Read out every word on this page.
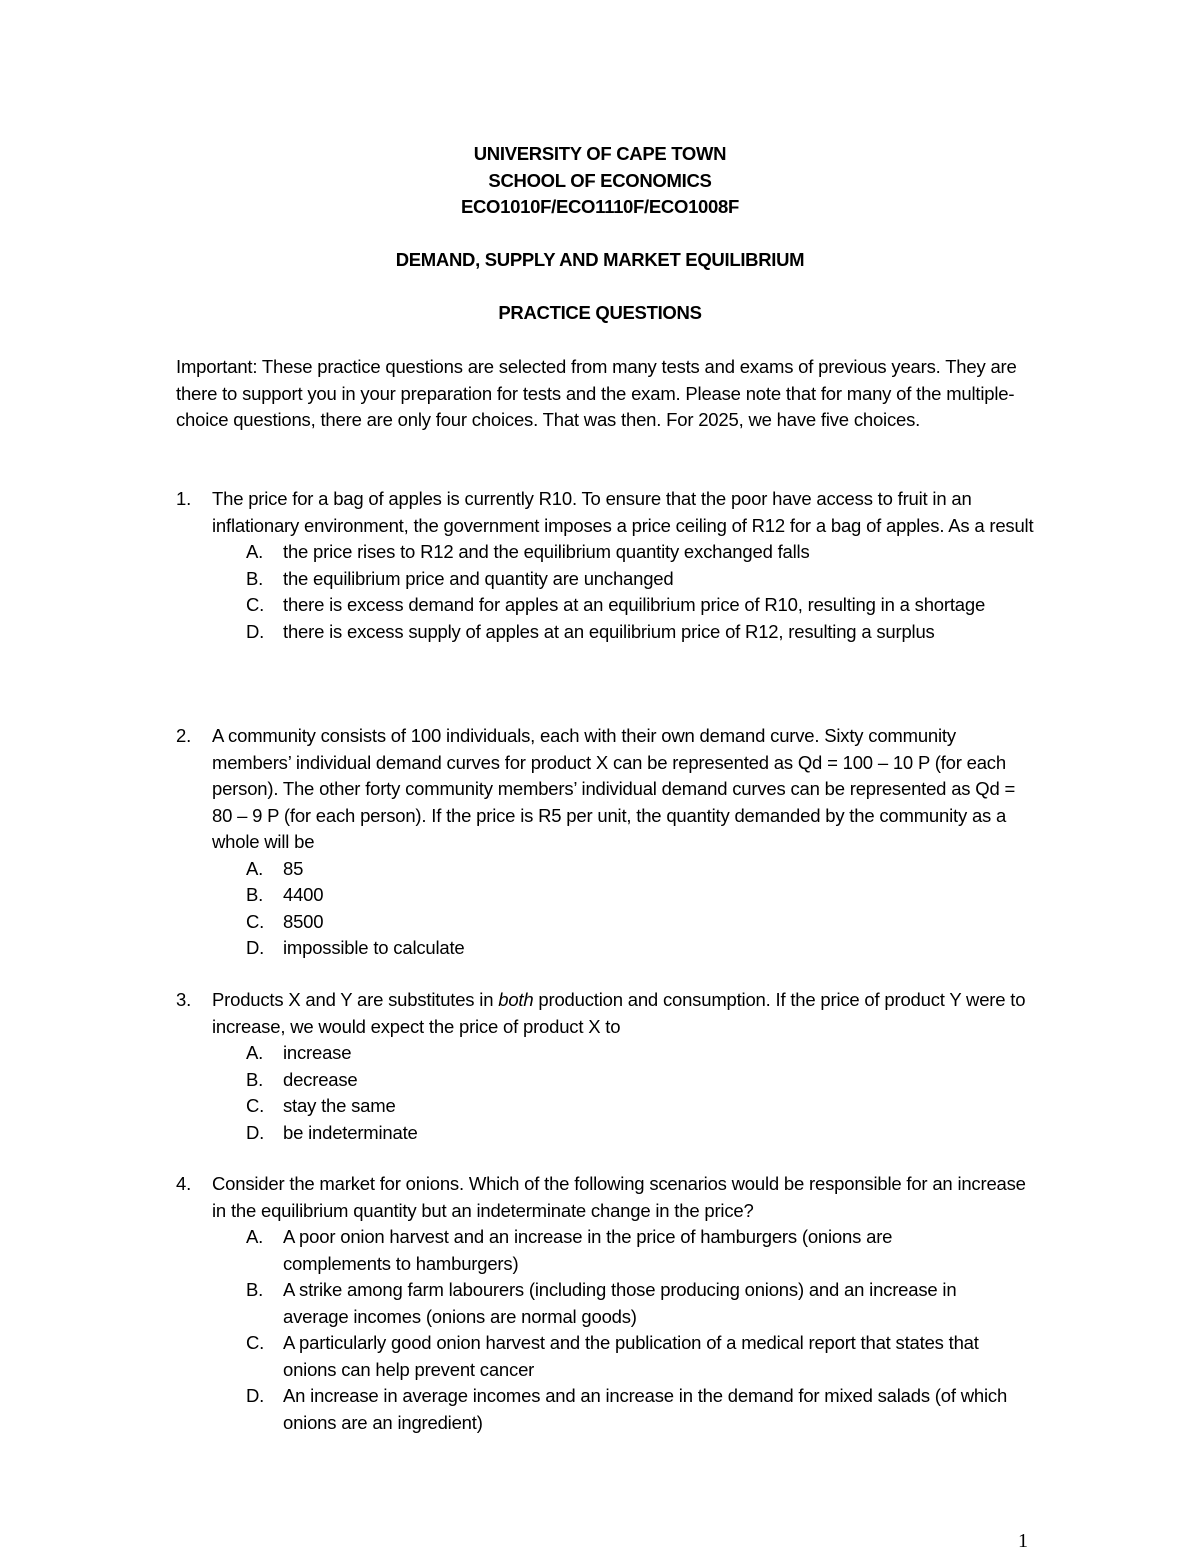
UNIVERSITY OF CAPE TOWN
SCHOOL OF ECONOMICS
ECO1010F/ECO1110F/ECO1008F
DEMAND, SUPPLY AND MARKET EQUILIBRIUM
PRACTICE QUESTIONS
Important: These practice questions are selected from many tests and exams of previous years. They are there to support you in your preparation for tests and the exam. Please note that for many of the multiple-choice questions, there are only four choices. That was then. For 2025, we have five choices.
1. The price for a bag of apples is currently R10. To ensure that the poor have access to fruit in an inflationary environment, the government imposes a price ceiling of R12 for a bag of apples. As a result
A. the price rises to R12 and the equilibrium quantity exchanged falls
B. the equilibrium price and quantity are unchanged
C. there is excess demand for apples at an equilibrium price of R10, resulting in a shortage
D. there is excess supply of apples at an equilibrium price of R12, resulting a surplus
2. A community consists of 100 individuals, each with their own demand curve. Sixty community members’ individual demand curves for product X can be represented as Qd = 100 – 10 P (for each person). The other forty community members’ individual demand curves can be represented as Qd = 80 – 9 P (for each person). If the price is R5 per unit, the quantity demanded by the community as a whole will be
A. 85
B. 4400
C. 8500
D. impossible to calculate
3. Products X and Y are substitutes in both production and consumption. If the price of product Y were to increase, we would expect the price of product X to
A. increase
B. decrease
C. stay the same
D. be indeterminate
4. Consider the market for onions. Which of the following scenarios would be responsible for an increase in the equilibrium quantity but an indeterminate change in the price?
A. A poor onion harvest and an increase in the price of hamburgers (onions are complements to hamburgers)
B. A strike among farm labourers (including those producing onions) and an increase in average incomes (onions are normal goods)
C. A particularly good onion harvest and the publication of a medical report that states that onions can help prevent cancer
D. An increase in average incomes and an increase in the demand for mixed salads (of which onions are an ingredient)
1
